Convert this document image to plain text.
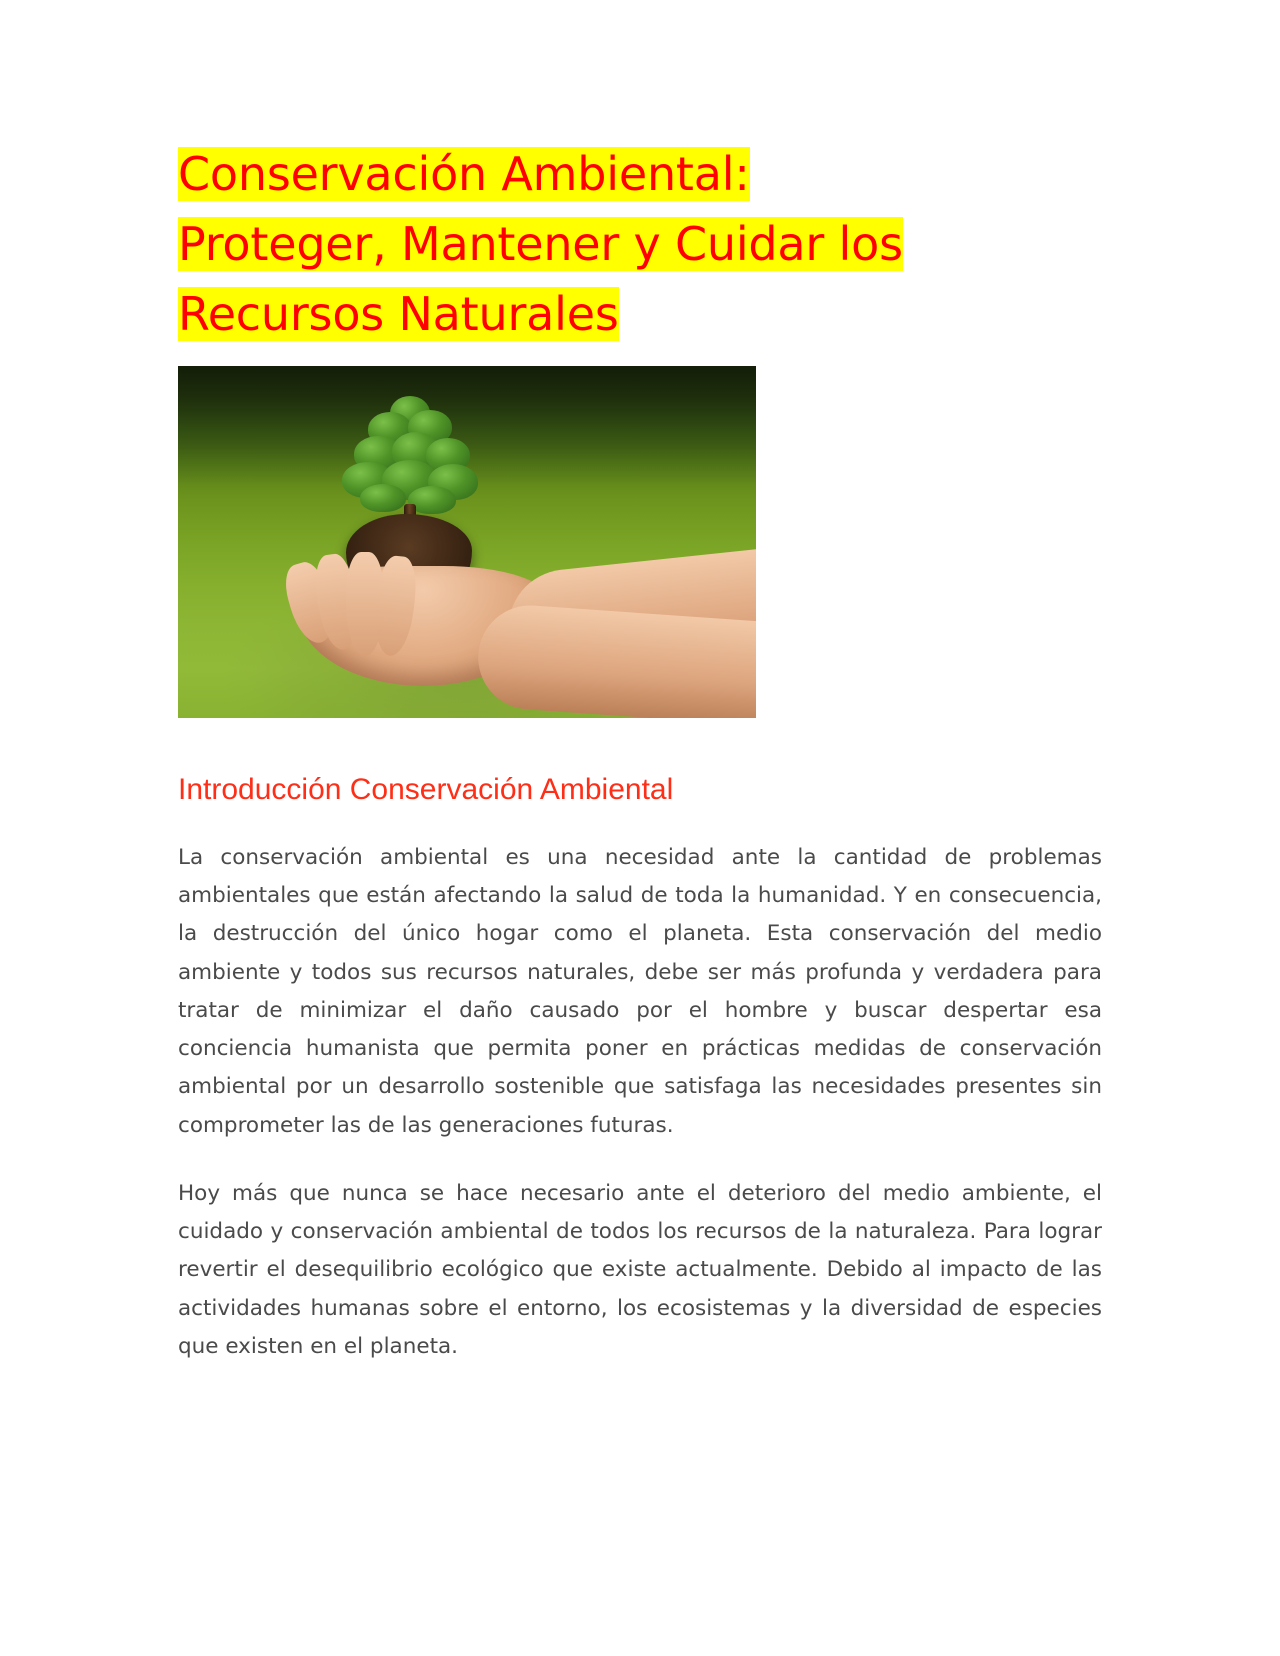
Conservación Ambiental:
Proteger, Mantener y Cuidar los
Recursos Naturales
Introducción Conservación Ambiental

La conservación ambiental es una necesidad ante la cantidad de problemas ambientales que están afectando la salud de toda la humanidad. Y en consecuencia, la destrucción del único hogar como el planeta. Esta conservación del medio ambiente y todos sus recursos naturales, debe ser más profunda y verdadera para tratar de minimizar el daño causado por el hombre y buscar despertar esa conciencia humanista que permita poner en prácticas medidas de conservación ambiental por un desarrollo sostenible que satisfaga las necesidades presentes sin comprometer las de las generaciones futuras.

Hoy más que nunca se hace necesario ante el deterioro del medio ambiente, el cuidado y conservación ambiental de todos los recursos de la naturaleza. Para lograr revertir el desequilibrio ecológico que existe actualmente. Debido al impacto de las actividades humanas sobre el entorno, los ecosistemas y la diversidad de especies que existen en el planeta.
